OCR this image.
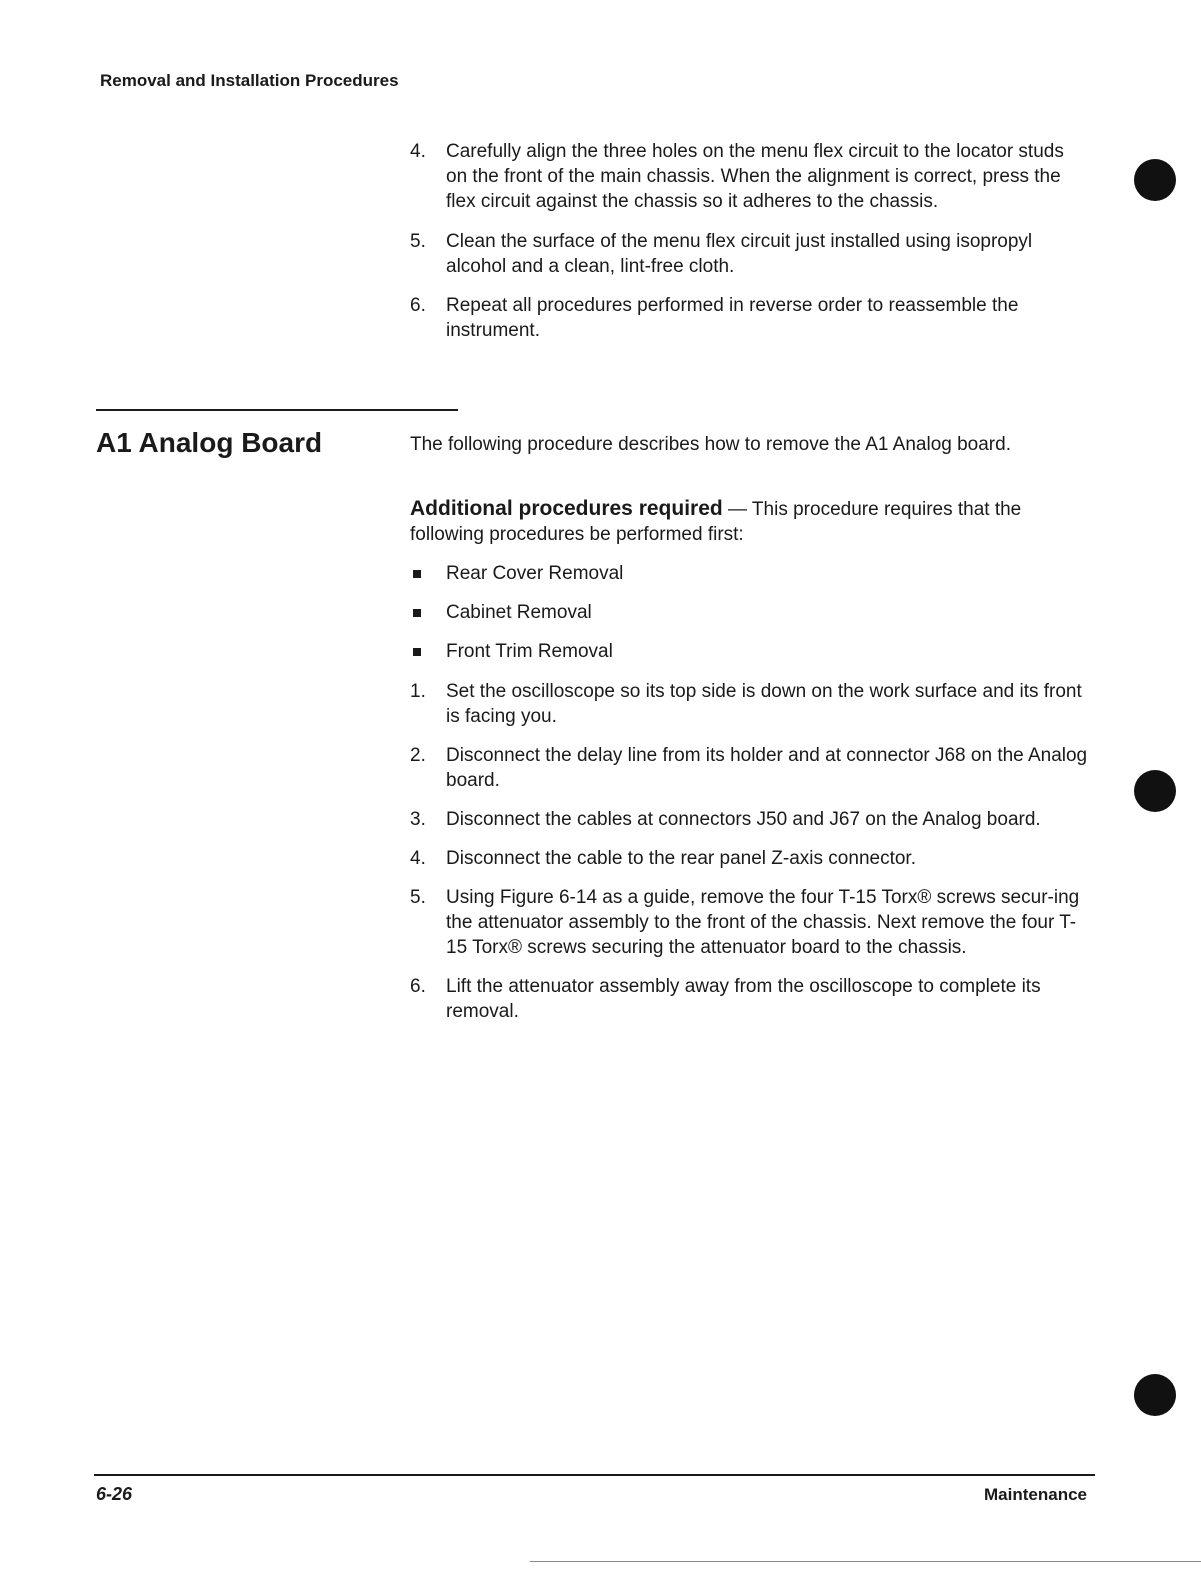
Removal and Installation Procedures
4. Carefully align the three holes on the menu flex circuit to the locator studs on the front of the main chassis. When the alignment is correct, press the flex circuit against the chassis so it adheres to the chassis.
5. Clean the surface of the menu flex circuit just installed using isopropyl alcohol and a clean, lint-free cloth.
6. Repeat all procedures performed in reverse order to reassemble the instrument.
A1 Analog Board	The following procedure describes how to remove the A1 Analog board.
Additional procedures required — This procedure requires that the following procedures be performed first:
Rear Cover Removal
Cabinet Removal
Front Trim Removal
1. Set the oscilloscope so its top side is down on the work surface and its front is facing you.
2. Disconnect the delay line from its holder and at connector J68 on the Analog board.
3. Disconnect the cables at connectors J50 and J67 on the Analog board.
4. Disconnect the cable to the rear panel Z-axis connector.
5. Using Figure 6-14 as a guide, remove the four T-15 Torx® screws secur-ing the attenuator assembly to the front of the chassis. Next remove the four T-15 Torx® screws securing the attenuator board to the chassis.
6. Lift the attenuator assembly away from the oscilloscope to complete its removal.
6-26	Maintenance
